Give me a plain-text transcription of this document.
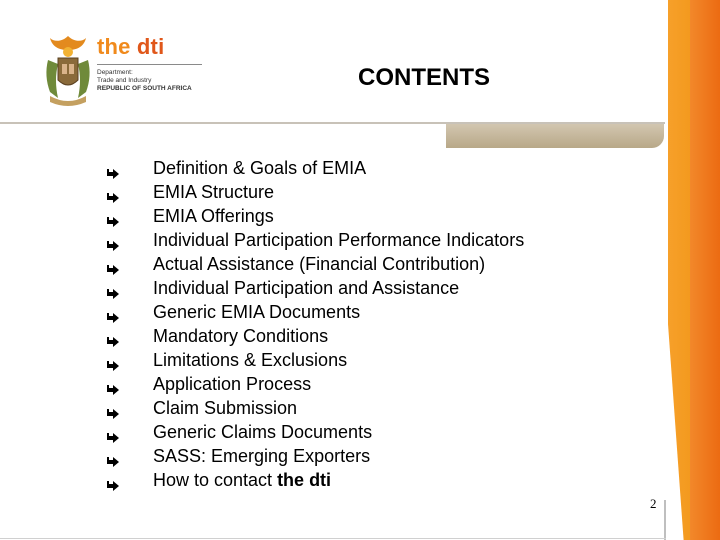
the dti
Department:
Trade and Industry
REPUBLIC OF SOUTH AFRICA	CONTENTS
Definition & Goals of EMIA
EMIA Structure
EMIA Offerings
Individual Participation Performance Indicators
Actual Assistance (Financial Contribution)
Individual Participation and Assistance
Generic EMIA Documents
Mandatory Conditions
Limitations & Exclusions
Application Process
Claim Submission
Generic Claims Documents
SASS: Emerging Exporters
How to contact the dti
2
